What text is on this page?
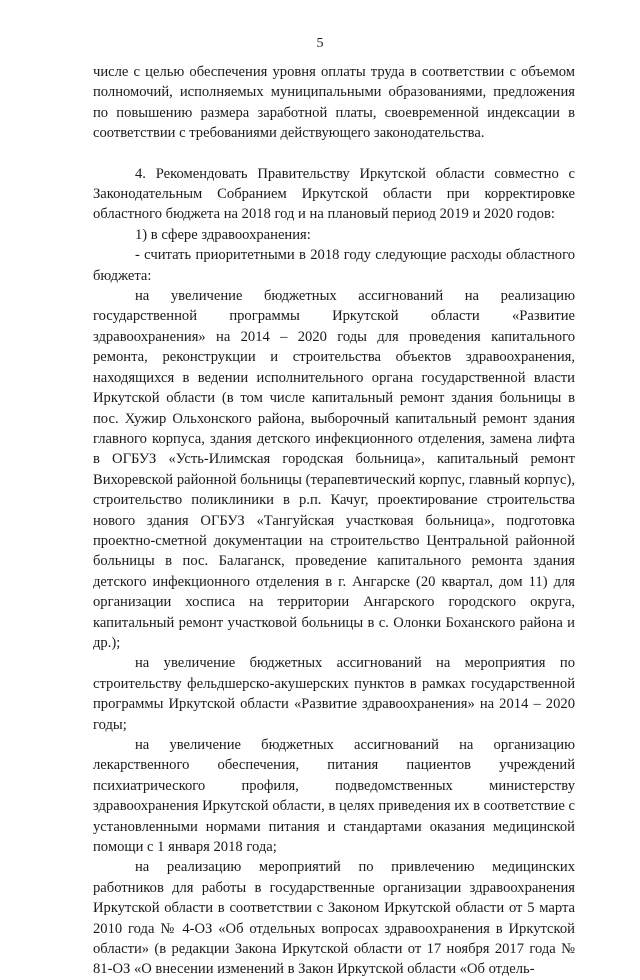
5

числе с целью обеспечения уровня оплаты труда в соответствии с объемом полномочий, исполняемых муниципальными образованиями, предложения по повышению размера заработной платы, своевременной индексации в соответствии с требованиями действующего законодательства.

4. Рекомендовать Правительству Иркутской области совместно с Законодательным Собранием Иркутской области при корректировке областного бюджета на 2018 год и на плановый период 2019 и 2020 годов:

1) в сфере здравоохранения:

- считать приоритетными в 2018 году следующие расходы областного бюджета:

на увеличение бюджетных ассигнований на реализацию государственной программы Иркутской области «Развитие здравоохранения» на 2014 – 2020 годы для проведения капитального ремонта, реконструкции и строительства объектов здравоохранения, находящихся в ведении исполнительного органа государственной власти Иркутской области (в том числе капитальный ремонт здания больницы в пос. Хужир Ольхонского района, выборочный капитальный ремонт здания главного корпуса, здания детского инфекционного отделения, замена лифта в ОГБУЗ «Усть-Илимская городская больница», капитальный ремонт Вихоревской районной больницы (терапевтический корпус, главный корпус), строительство поликлиники в р.п. Качуг, проектирование строительства нового здания ОГБУЗ «Тангуйская участковая больница», подготовка проектно-сметной документации на строительство Центральной районной больницы в пос. Балаганск, проведение капитального ремонта здания детского инфекционного отделения в г. Ангарске (20 квартал, дом 11) для организации хосписа на территории Ангарского городского округа, капитальный ремонт участковой больницы в с. Олонки Боханского района и др.);

на увеличение бюджетных ассигнований на мероприятия по строительству фельдшерско-акушерских пунктов в рамках государственной программы Иркутской области «Развитие здравоохранения» на 2014 – 2020 годы;

на увеличение бюджетных ассигнований на организацию лекарственного обеспечения, питания пациентов учреждений психиатрического профиля, подведомственных министерству здравоохранения Иркутской области, в целях приведения их в соответствие с установленными нормами питания и стандартами оказания медицинской помощи с 1 января 2018 года;

на реализацию мероприятий по привлечению медицинских работников для работы в государственные организации здравоохранения Иркутской области в соответствии с Законом Иркутской области от 5 марта 2010 года № 4-ОЗ «Об отдельных вопросах здравоохранения в Иркутской области» (в редакции Закона Иркутской области от 17 ноября 2017 года № 81-ОЗ «О внесении изменений в Закон Иркутской области «Об отдель-
